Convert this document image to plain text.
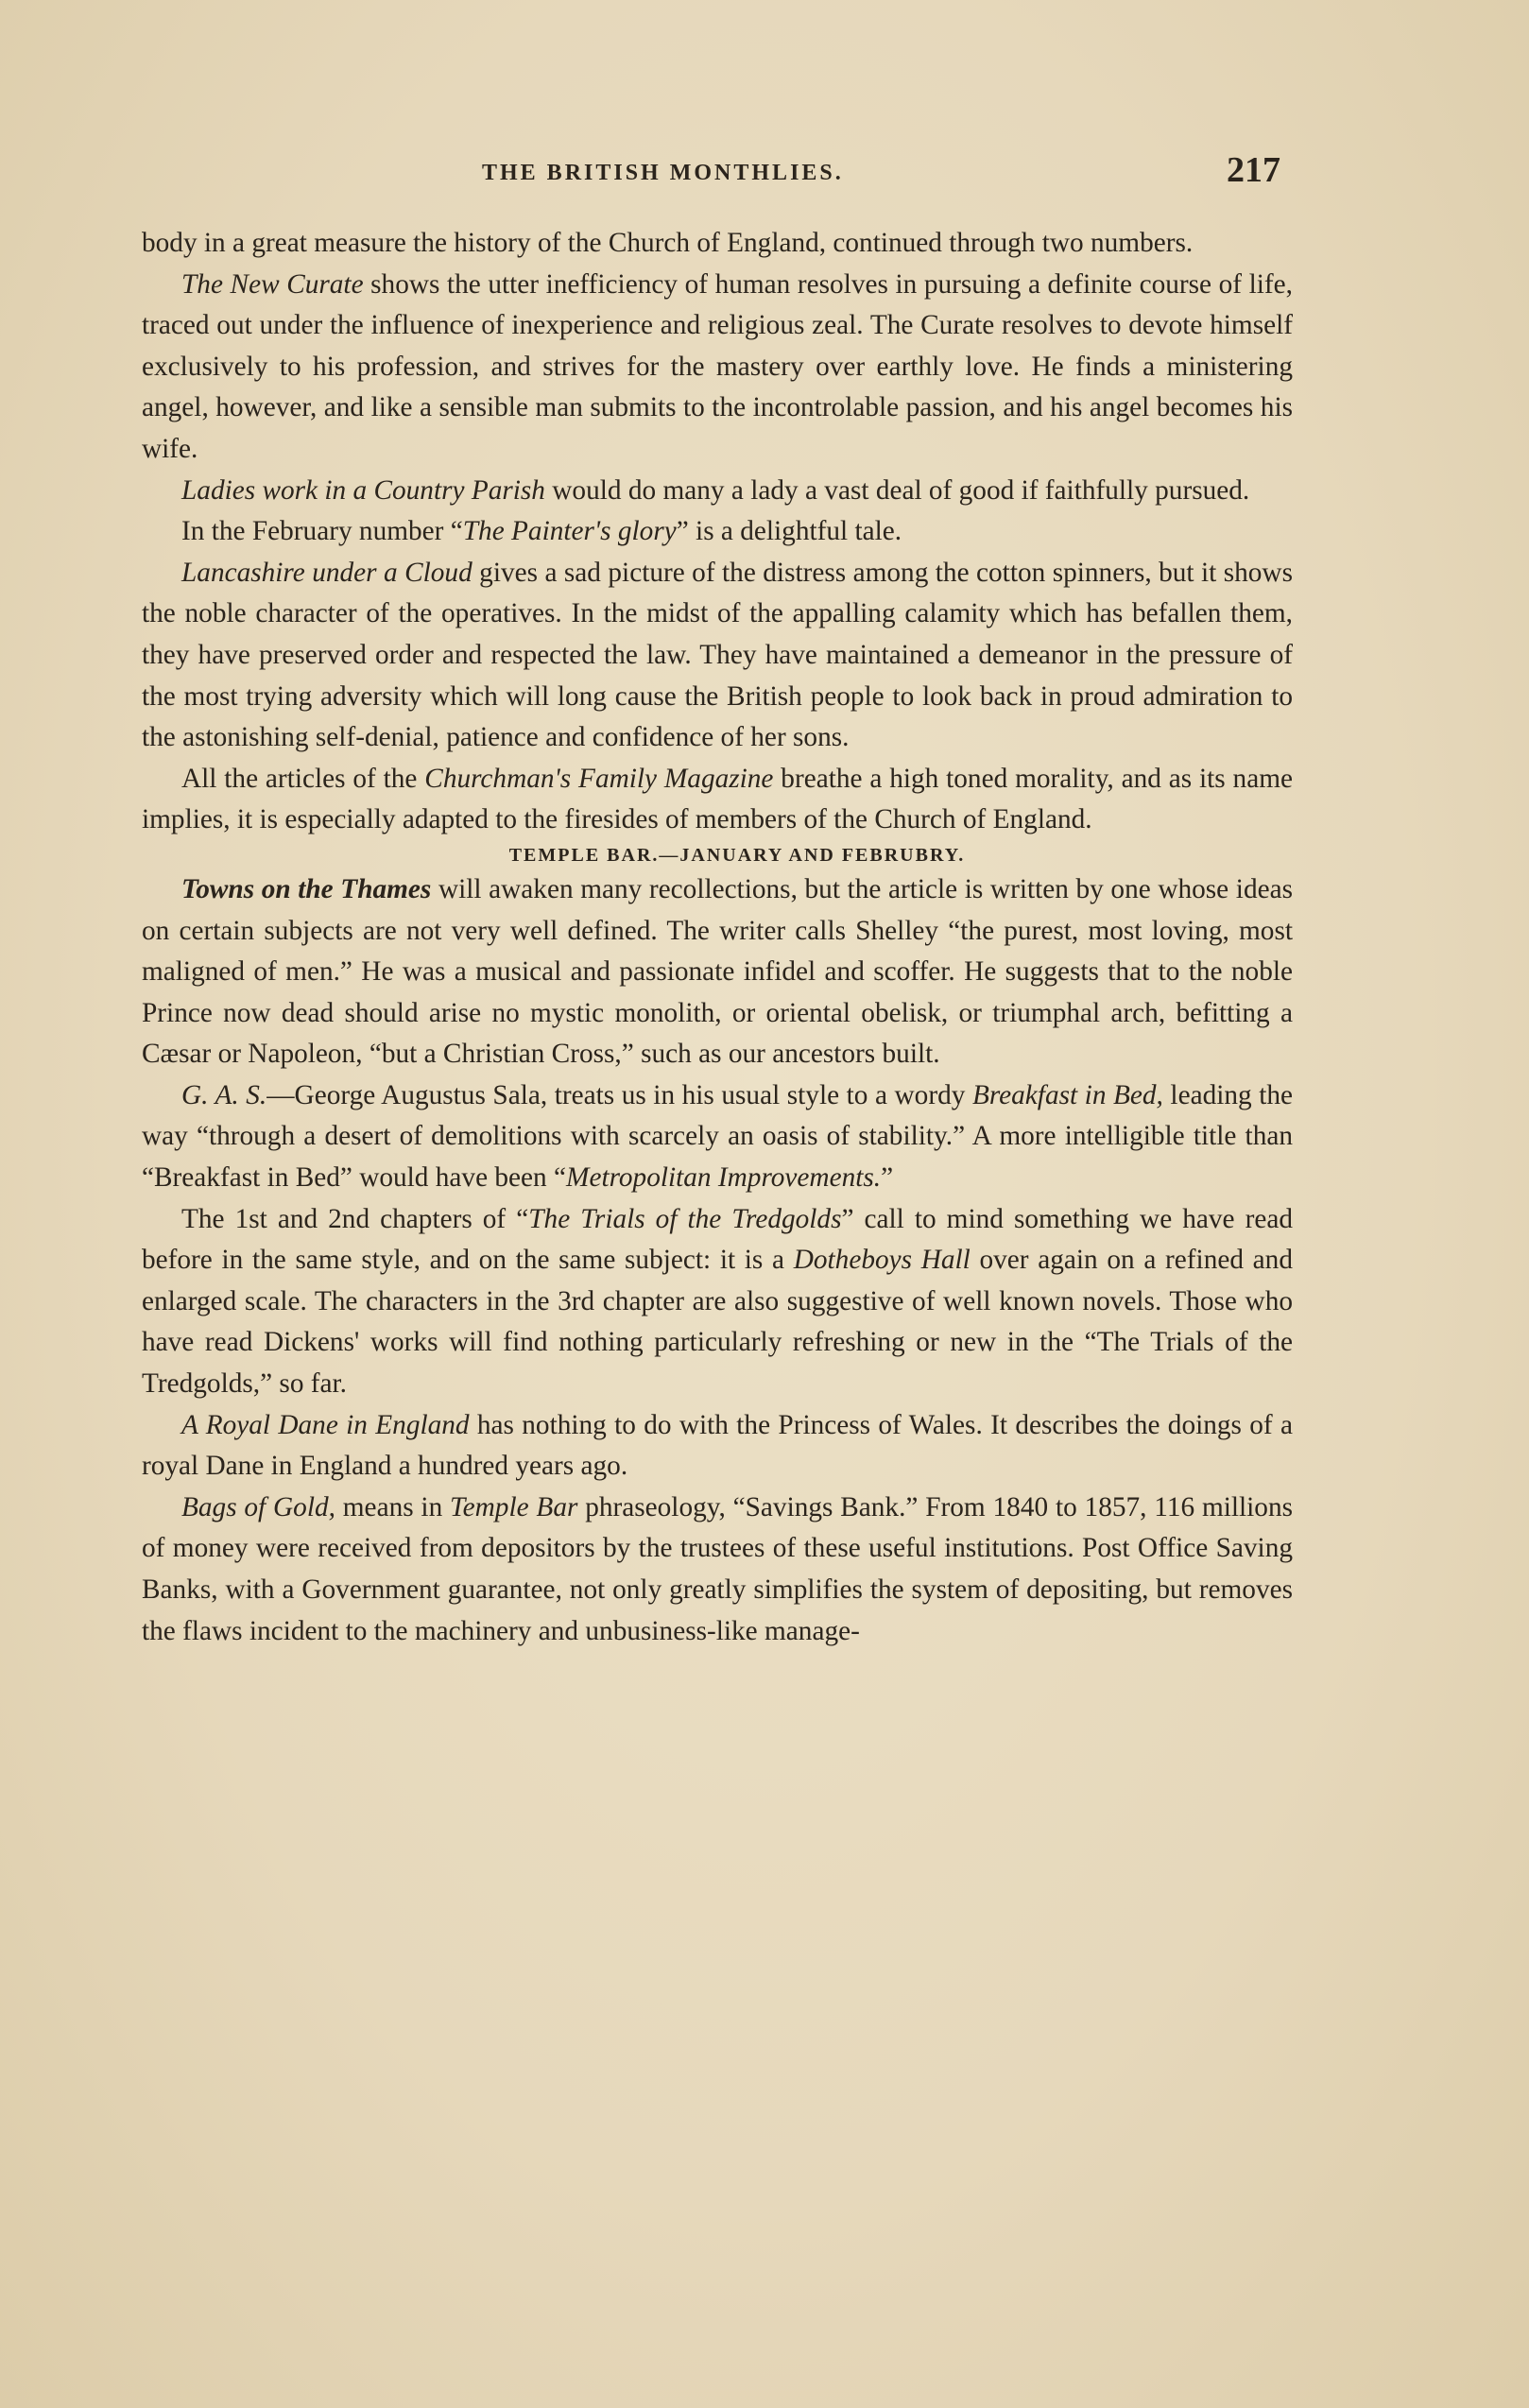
THE BRITISH MONTHLIES.	217

body in a great measure the history of the Church of England, continued through two numbers.

The New Curate shows the utter inefficiency of human resolves in pursuing a definite course of life, traced out under the influence of inexperience and religious zeal. The Curate resolves to devote himself exclusively to his profession, and strives for the mastery over earthly love. He finds a ministering angel, however, and like a sensible man submits to the incontrolable passion, and his angel becomes his wife.

Ladies work in a Country Parish would do many a lady a vast deal of good if faithfully pursued.

In the February number “The Painter's glory” is a delightful tale.

Lancashire under a Cloud gives a sad picture of the distress among the cotton spinners, but it shows the noble character of the operatives. In the midst of the appalling calamity which has befallen them, they have preserved order and respected the law. They have maintained a demeanor in the pressure of the most trying adversity which will long cause the British people to look back in proud admiration to the astonishing self-denial, patience and confidence of her sons.

All the articles of the Churchman's Family Magazine breathe a high toned morality, and as its name implies, it is especially adapted to the firesides of members of the Church of England.

TEMPLE BAR.—JANUARY AND FEBRUBRY.

Towns on the Thames will awaken many recollections, but the article is written by one whose ideas on certain subjects are not very well defined. The writer calls Shelley “the purest, most loving, most maligned of men.” He was a musical and passionate infidel and scoffer. He suggests that to the noble Prince now dead should arise no mystic monolith, or oriental obelisk, or triumphal arch, befitting a Cæsar or Napoleon, “but a Christian Cross,” such as our ancestors built.

G. A. S.—George Augustus Sala, treats us in his usual style to a wordy Breakfast in Bed, leading the way “through a desert of demolitions with scarcely an oasis of stability.” A more intelligible title than “Breakfast in Bed” would have been “Metropolitan Improvements.”

The 1st and 2nd chapters of “The Trials of the Tredgolds” call to mind something we have read before in the same style, and on the same subject: it is a Dotheboys Hall over again on a refined and enlarged scale. The characters in the 3rd chapter are also suggestive of well known novels. Those who have read Dickens' works will find nothing particularly refreshing or new in the “The Trials of the Tredgolds,” so far.

A Royal Dane in England has nothing to do with the Princess of Wales. It describes the doings of a royal Dane in England a hundred years ago.

Bags of Gold, means in Temple Bar phraseology, “Savings Bank.” From 1840 to 1857, 116 millions of money were received from depositors by the trustees of these useful institutions. Post Office Saving Banks, with a Government guarantee, not only greatly simplifies the system of depositing, but removes the flaws incident to the machinery and unbusiness-like manage-
